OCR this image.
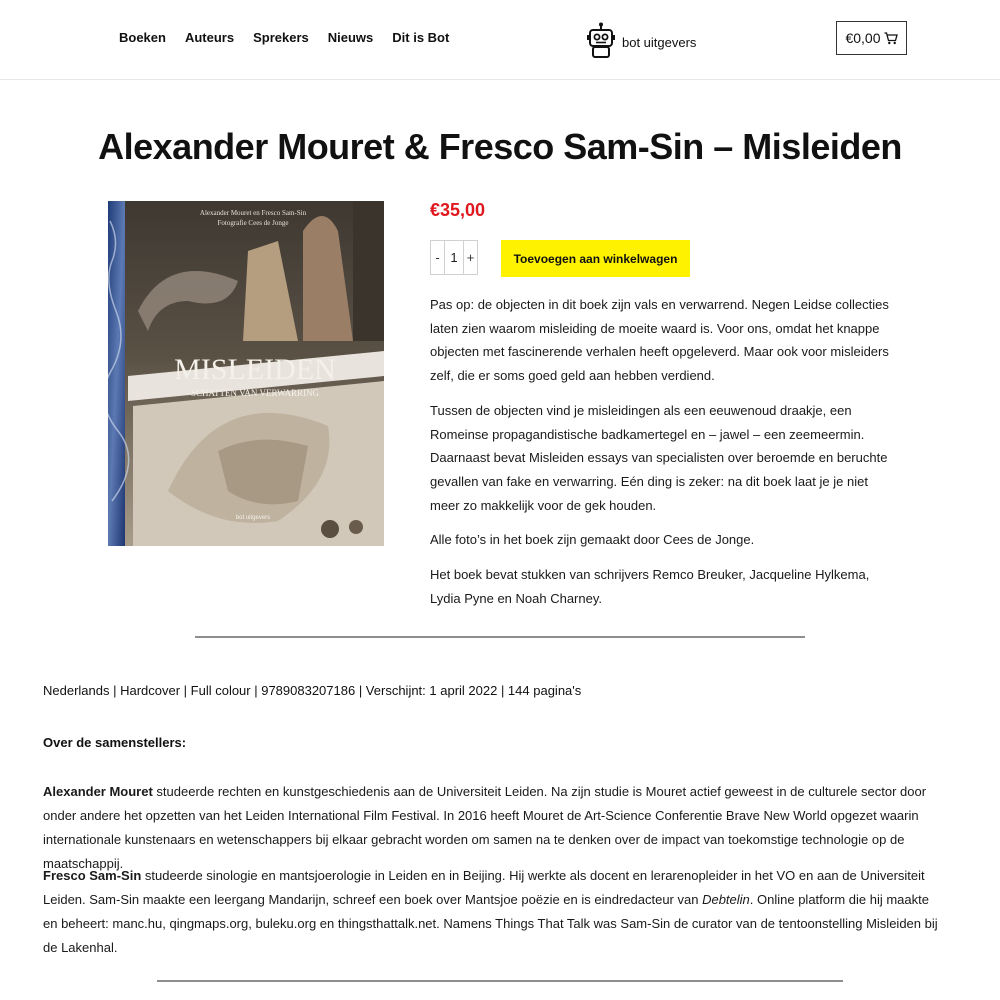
Boeken Auteurs Sprekers Nieuws Dit is Bot	bot uitgevers	€0,00
Alexander Mouret & Fresco Sam-Sin – Misleiden
Alexander Mouret en Fresco Sam-Sin
Fotografie Cees de Jonge
MISLEIDEN
SCHATTEN VAN VERWARRING
bot uitgevers
€35,00
- 1 +	Toevoegen aan winkelwagen

Pas op: de objecten in dit boek zijn vals en verwarrend. Negen Leidse collecties laten zien waarom misleiding de moeite waard is. Voor ons, omdat het knappe objecten met fascinerende verhalen heeft opgeleverd. Maar ook voor misleiders zelf, die er soms goed geld aan hebben verdiend.

Tussen de objecten vind je misleidingen als een eeuwenoud draakje, een Romeinse propagandistische badkamertegel en – jawel – een zeemeermin. Daarnaast bevat Misleiden essays van specialisten over beroemde en beruchte gevallen van fake en verwarring. Eén ding is zeker: na dit boek laat je je niet meer zo makkelijk voor de gek houden.

Alle foto’s in het boek zijn gemaakt door Cees de Jonge.

Het boek bevat stukken van schrijvers Remco Breuker, Jacqueline Hylkema, Lydia Pyne en Noah Charney.

Nederlands | Hardcover | Full colour | 9789083207186 | Verschijnt: 1 april 2022 | 144 pagina's
Over de samenstellers:
Alexander Mouret studeerde rechten en kunstgeschiedenis aan de Universiteit Leiden. Na zijn studie is Mouret actief geweest in de culturele sector door onder andere het opzetten van het Leiden International Film Festival. In 2016 heeft Mouret de Art-Science Conferentie Brave New World opgezet waarin internationale kunstenaars en wetenschappers bij elkaar gebracht worden om samen na te denken over de impact van toekomstige technologie op de maatschappij.
Fresco Sam-Sin studeerde sinologie en mantsjoerologie in Leiden en in Beijing. Hij werkte als docent en lerarenopleider in het VO en aan de Universiteit Leiden. Sam-Sin maakte een leergang Mandarijn, schreef een boek over Mantsjoe poëzie en is eindredacteur van Debtelin. Online platform die hij maakte en beheert: manc.hu, qingmaps.org, buleku.org en thingsthattalk.net. Namens Things That Talk was Sam-Sin de curator van de tentoonstelling Misleiden bij de Lakenhal.
